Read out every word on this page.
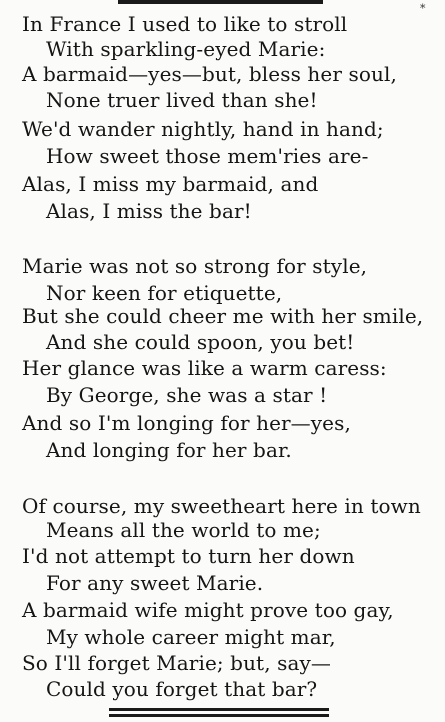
*
In France I used to like to stroll
With sparkling-eyed Marie:
A barmaid—yes—but, bless her soul,
None truer lived than she!
We'd wander nightly, hand in hand;
How sweet those mem'ries are-
Alas, I miss my barmaid, and
Alas, I miss the bar!
Marie was not so strong for style,
Nor keen for etiquette,
But she could cheer me with her smile,
And she could spoon, you bet!
Her glance was like a warm caress:
By George, she was a star !
And so I'm longing for her—yes,
And longing for her bar.
Of course, my sweetheart here in town
Means all the world to me;
I'd not attempt to turn her down
For any sweet Marie.
A barmaid wife might prove too gay,
My whole career might mar,
So I'll forget Marie; but, say—
Could you forget that bar?
